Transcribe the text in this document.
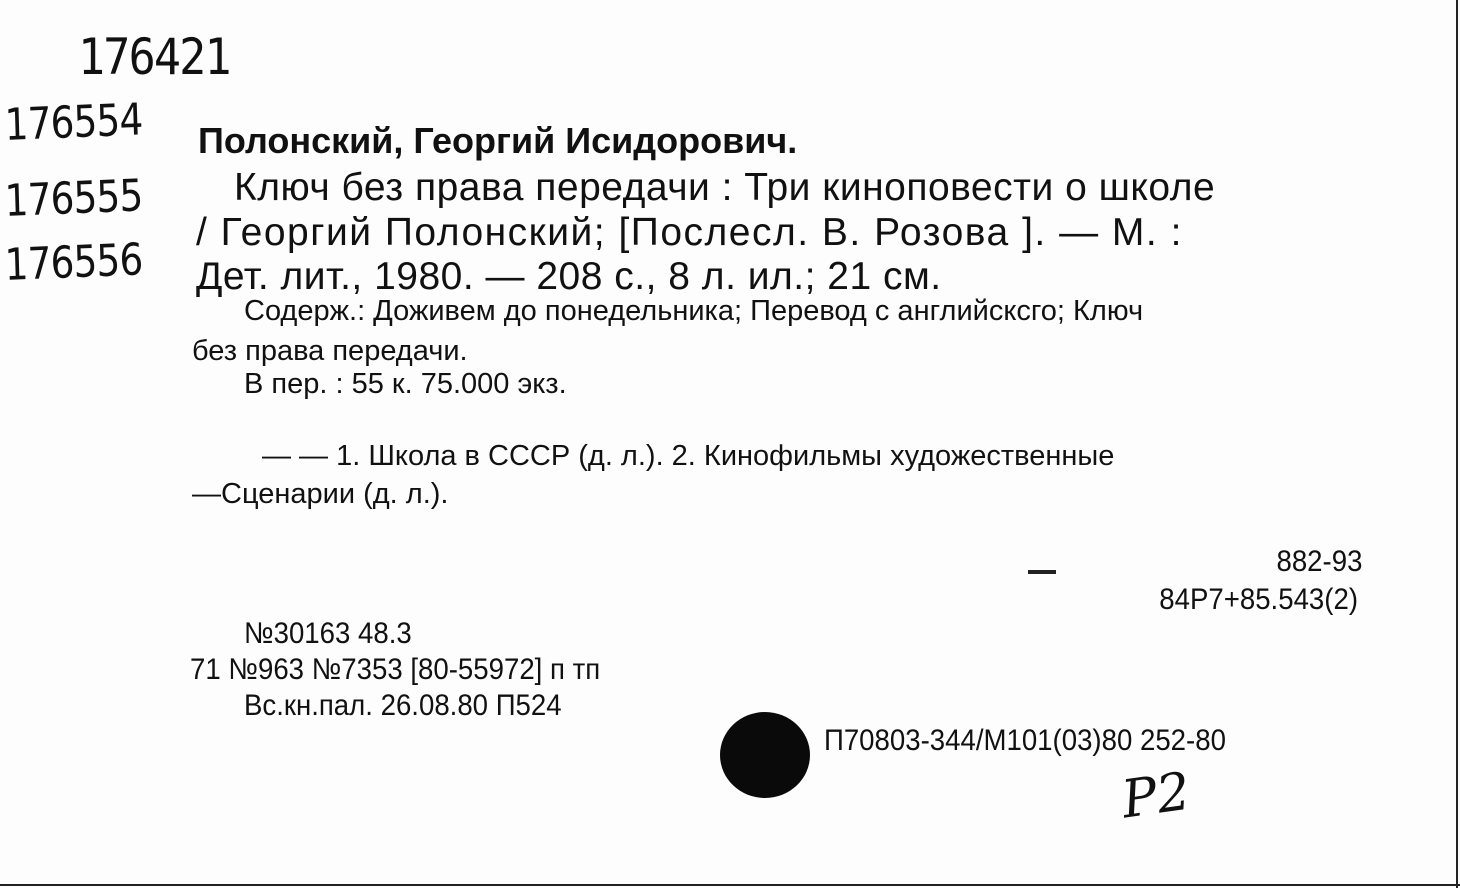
176421
176554
176555
176556
Полонский, Георгий Исидорович.
Ключ без права передачи : Три киноповести о школе
/ Георгий Полонский; [Послесл. В. Розова ]. — М. :
Дет. лит., 1980. — 208 с., 8 л. ил.; 21 см.
Содерж.: Доживем до понедельника; Перевод с английсксго; Ключ
без права передачи.
В пер. : 55 к. 75.000 экз.
— — 1. Школа в СССР (д. л.). 2. Кинофильмы художественные
—Сценарии (д. л.).
882-93
84Р7+85.543(2)
№30163 48.3
71 №963 №7353 [80-55972] п тп
Вс.кн.пал. 26.08.80 П524
П70803-344/М101(03)80 252-80
Р2
